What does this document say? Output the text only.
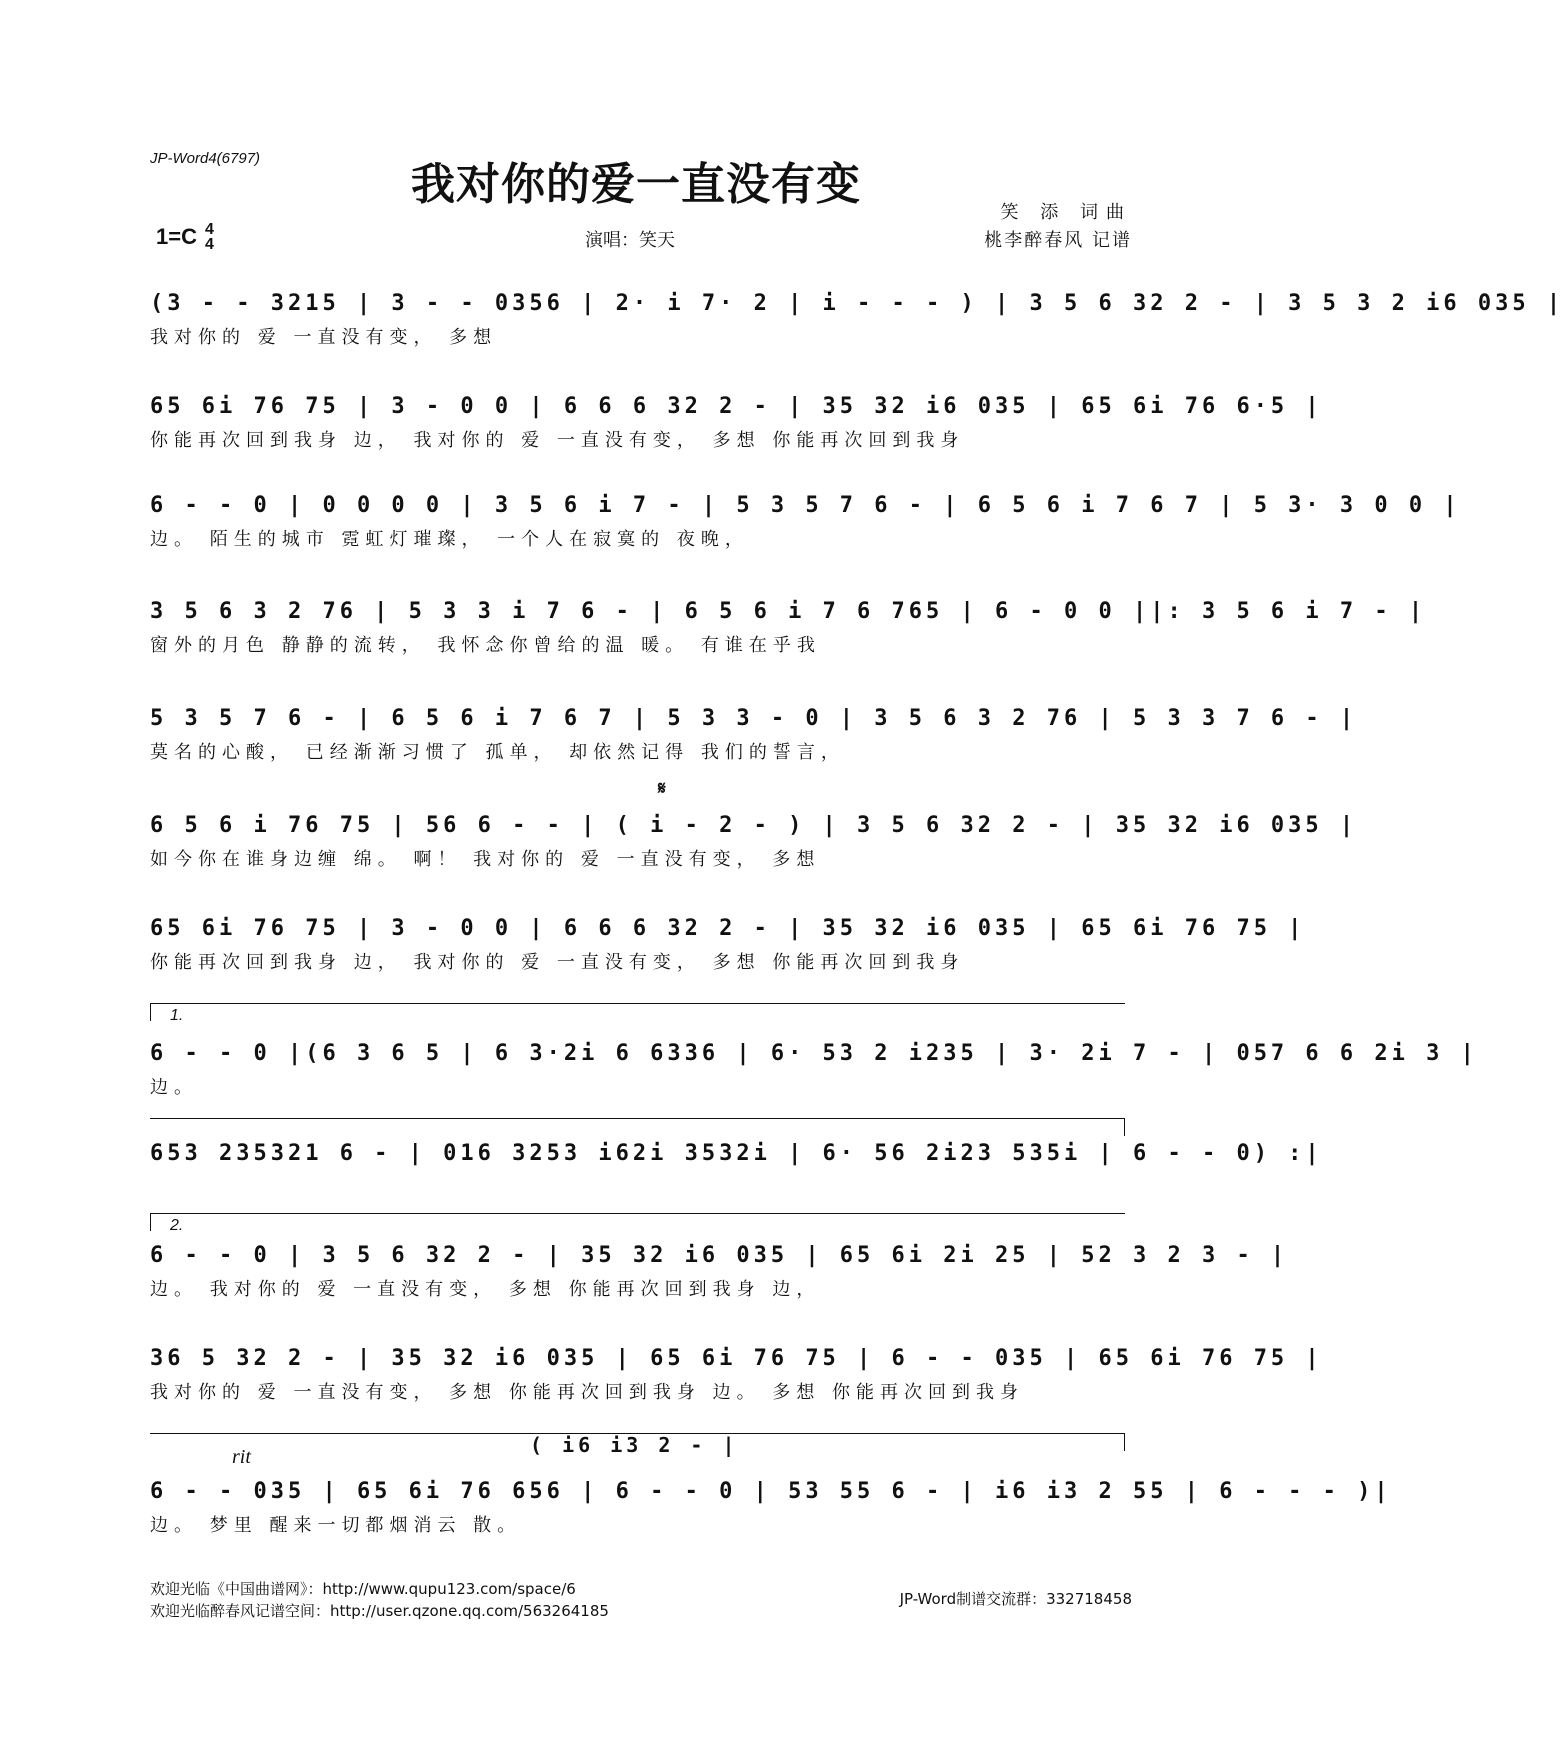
JP-Word4(6797)
我对你的爱一直没有变
笑 添 词曲
桃李醉春风 记谱
演唱：笑天
1=C 4
4
(3 - - 3215 | 3 - - 0356 | 2· i 7· 2 | i - - - ) | 3 5 6 32 2 - | 3 5 3 2 i6 035 |
我对你的 爱 一直没有变， 多想
65 6i 76 75 | 3 - 0 0 | 6 6 6 32 2 - | 35 32 i6 035 | 65 6i 76 6·5 |
你能再次回到我身 边， 我对你的 爱 一直没有变， 多想 你能再次回到我身
6 - - 0 | 0 0 0 0 | 3 5 6 i 7 - | 5 3 5 7 6 - | 6 5 6 i 7 6 7 | 5 3· 3 0 0 |
边。 陌生的城市 霓虹灯璀璨， 一个人在寂寞的 夜晚，
3 5 6 3 2 76 | 5 3 3 i 7 6 - | 6 5 6 i 7 6 765 | 6 - 0 0 ||: 3 5 6 i 7 - |
窗外的月色 静静的流转， 我怀念你曾给的温 暖。 有谁在乎我
5 3 5 7 6 - | 6 5 6 i 7 6 7 | 5 3 3 - 0 | 3 5 6 3 2 76 | 5 3 3 7 6 - |
莫名的心酸， 已经渐渐习惯了 孤单， 却依然记得 我们的誓言，
𝄋
6 5 6 i 76 75 | 56 6 - - | ( i - 2 - ) | 3 5 6 32 2 - | 35 32 i6 035 |
如今你在谁身边缠 绵。 啊！ 我对你的 爱 一直没有变， 多想
65 6i 76 75 | 3 - 0 0 | 6 6 6 32 2 - | 35 32 i6 035 | 65 6i 76 75 |
你能再次回到我身 边， 我对你的 爱 一直没有变， 多想 你能再次回到我身
1.
6 - - 0 |(6 3 6 5 | 6 3·2i 6 6336 | 6· 53 2 i235 | 3· 2i 7 - | 057 6 6 2i 3 |
边。
653 235321 6 - | 016 3253 i62i 3532i | 6· 56 2i23 535i | 6 - - 0) :|
2.
6 - - 0 | 3 5 6 32 2 - | 35 32 i6 035 | 65 6i 2i 25 | 52 3 2 3 - |
边。 我对你的 爱 一直没有变， 多想 你能再次回到我身 边，
36 5 32 2 - | 35 32 i6 035 | 65 6i 76 75 | 6 - - 035 | 65 6i 76 75 |
我对你的 爱 一直没有变， 多想 你能再次回到我身 边。 多想 你能再次回到我身
( i6 i3 2 - |
rit
6 - - 035 | 65 6i 76 656 | 6 - - 0 | 53 55 6 - | i6 i3 2 55 | 6 - - - )|
边。 梦里 醒来一切都烟消云 散。
欢迎光临《中国曲谱网》：http://www.qupu123.com/space/6
欢迎光临醉春风记谱空间：http://user.qzone.qq.com/563264185
JP-Word制谱交流群：332718458
